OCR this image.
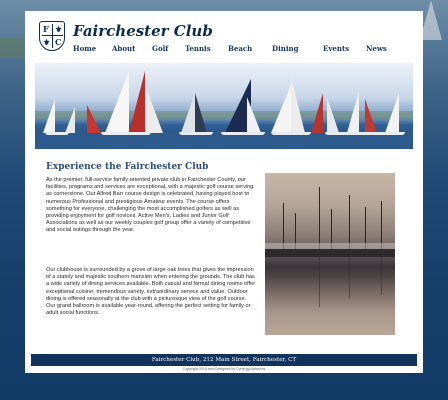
F ⚜
⚜ C
Fairchester Club
Home About Golf Tennis Beach	Dining	Events News
Experience the Fairchester Club

As the premier, full-service family-oriented private club in Fairchester County, our facilities, programs and services are exceptional, with a majestic golf course serving as cornerstone. Our Alfred Barr course design is celebrated, having played host to numerous Professional and prestigious Amateur events. The course offers something for everyone, challenging the most accomplished golfers as well as providing enjoyment for golf novices. Active Men's, Ladies and Junior Golf Associations as well as our weekly couples golf group offer a variety of competitive and social outings through the year.

Our clubhouse is surrounded by a grove of large oak trees that gives the impression of a stately and majestic southern mansion when entering the grounds. The club has a wide variety of dining services available. Both casual and formal dining rooms offer exceptional cuisine, tremendous variety, extraordinary service and value. Outdoor dining is offered seasonally at the club with a picturesque view of the golf course. Our grand ballroom is available year-round, offering the perfect setting for family or adult social functions.

Fairchester Club, 212 Main Street, Fairchester, CT
Copyright 2014 and Designed by Cynergy Networks
